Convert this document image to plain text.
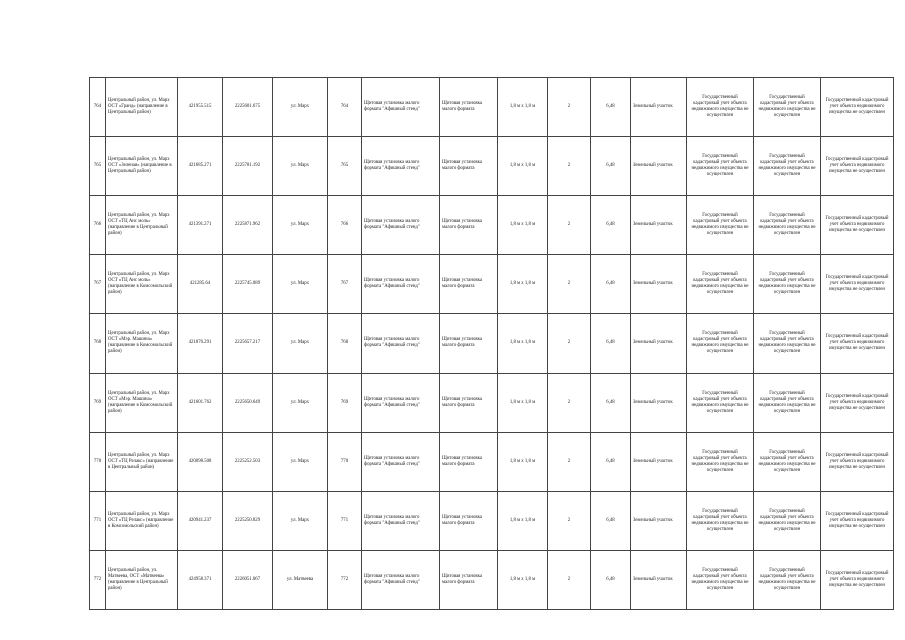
764	Центральный район, ул. Марх ОСТ «Гранд» (направление в Центральный район)	421955.515	2225601.675	ул. Марх	764	Щитовая установка малого формата "Афишный стенд"	Щитовая установка малого формата	1,8 м х 1,8 м	2	6,48	Земельный участок	Государственный кадастровый учет объекта недвижимого имущества не осуществлен	Государственный кадастровый учет объекта недвижимого имущества не осуществлен	Государственный кадастровый учет объекта недвижимого имущества не осуществлен
765	Центральный район, ул. Марх ОСТ «Зеленая» (направление в Центральный район)	421685.271	2225781.192	ул. Марх	765	Щитовая установка малого формата "Афишный стенд"	Щитовая установка малого формата	1,8 м х 1,8 м	2	6,48	Земельный участок	Государственный кадастровый учет объекта недвижимого имущества не осуществлен	Государственный кадастровый учет объекта недвижимого имущества не осуществлен	Государственный кадастровый учет объекта недвижимого имущества не осуществлен
766	Центральный район, ул. Марх ОСТ «ТЦ Анс моль» (направление в Центральный район)	421391.271	2225871.962	ул. Марх	766	Щитовая установка малого формата "Афишный стенд"	Щитовая установка малого формата	1,8 м х 1,8 м	2	6,48	Земельный участок	Государственный кадастровый учет объекта недвижимого имущества не осуществлен	Государственный кадастровый учет объекта недвижимого имущества не осуществлен	Государственный кадастровый учет объекта недвижимого имущества не осуществлен
767	Центральный район, ул. Марх ОСТ «ТЦ Анс моль» (направление в Комсомольский район)	421285.64	2225745.089	ул. Марх	767	Щитовая установка малого формата "Афишный стенд"	Щитовая установка малого формата	1,8 м х 1,8 м	2	6,48	Земельный участок	Государственный кадастровый учет объекта недвижимого имущества не осуществлен	Государственный кадастровый учет объекта недвижимого имущества не осуществлен	Государственный кадастровый учет объекта недвижимого имущества не осуществлен
768	Центральный район, ул. Марх ОСТ «Мэр. Машина» (направление в Комсомольский район)	421876.291	2225657.217	ул. Марх	768	Щитовая установка малого формата "Афишный стенд"	Щитовая установка малого формата	1,8 м х 1,8 м	2	6,48	Земельный участок	Государственный кадастровый учет объекта недвижимого имущества не осуществлен	Государственный кадастровый учет объекта недвижимого имущества не осуществлен	Государственный кадастровый учет объекта недвижимого имущества не осуществлен
769	Центральный район, ул. Марх ОСТ «Мэр. Машина» (направление в Комсомольский район)	421601.762	2225650.649	ул. Марх	769	Щитовая установка малого формата "Афишный стенд"	Щитовая установка малого формата	1,8 м х 1,8 м	2	6,48	Земельный участок	Государственный кадастровый учет объекта недвижимого имущества не осуществлен	Государственный кадастровый учет объекта недвижимого имущества не осуществлен	Государственный кадастровый учет объекта недвижимого имущества не осуществлен
770	Центральный район, ул. Марх ОСТ «ТЦ Релакс» (направление в Центральный район)	420098.508	2225252.503	ул. Марх	770	Щитовая установка малого формата "Афишный стенд"	Щитовая установка малого формата	1,8 м х 1,8 м	2	6,48	Земельный участок	Государственный кадастровый учет объекта недвижимого имущества не осуществлен	Государственный кадастровый учет объекта недвижимого имущества не осуществлен	Государственный кадастровый учет объекта недвижимого имущества не осуществлен
771	Центральный район, ул. Марх ОСТ «ТЦ Релакс» (направление в Комсомольский район)	420941.237	2225250.829	ул. Марх	771	Щитовая установка малого формата "Афишный стенд"	Щитовая установка малого формата	1,8 м х 1,8 м	2	6,48	Земельный участок	Государственный кадастровый учет объекта недвижимого имущества не осуществлен	Государственный кадастровый учет объекта недвижимого имущества не осуществлен	Государственный кадастровый учет объекта недвижимого имущества не осуществлен
772	Центральный район, ул. Матвеева, ОСТ «Матвеева» (направление в Центральный район)	424958.371	2226051.067	ул. Матвеева	772	Щитовая установка малого формата "Афишный стенд"	Щитовая установка малого формата	1,8 м х 1,8 м	2	6,48	Земельный участок	Государственный кадастровый учет объекта недвижимого имущества не осуществлен	Государственный кадастровый учет объекта недвижимого имущества не осуществлен	Государственный кадастровый учет объекта недвижимого имущества не осуществлен
